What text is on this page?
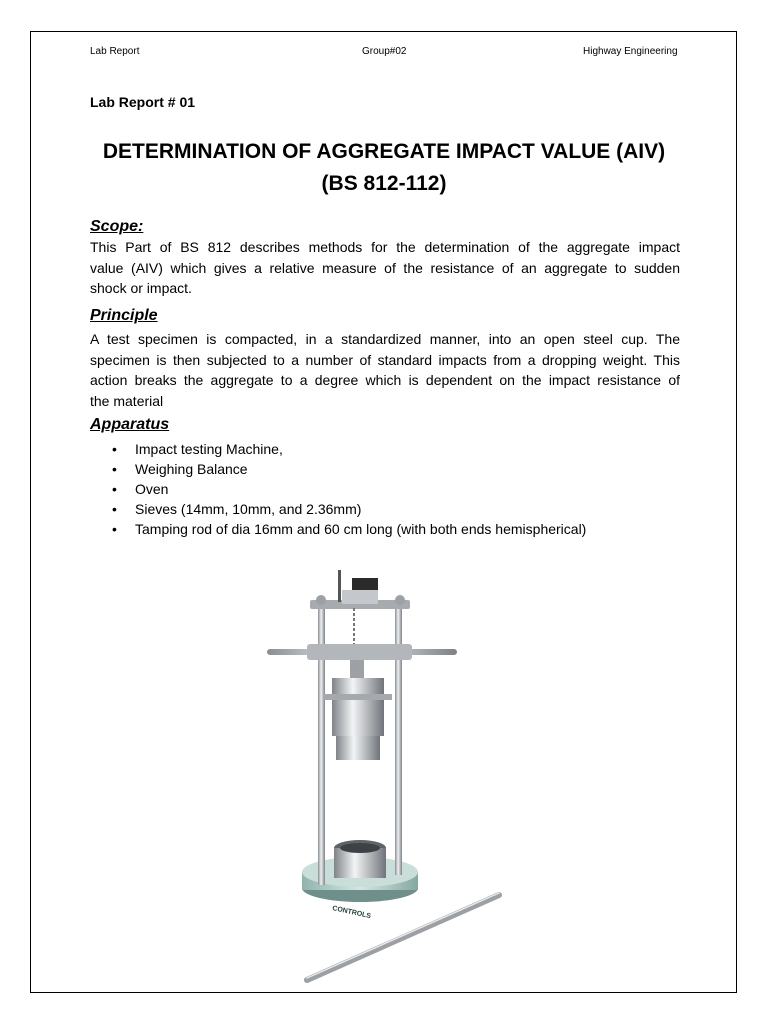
Lab Report	Group#02	Highway Engineering
Lab Report # 01
DETERMINATION OF AGGREGATE IMPACT VALUE (AIV)
(BS 812-112)
Scope:
This Part of BS 812 describes methods for the determination of the aggregate impact
value (AIV) which gives a relative measure of the resistance of an aggregate to sudden
shock or impact.
Principle
A test specimen is compacted, in a standardized manner, into an open steel cup. The
specimen is then subjected to a number of standard impacts from a dropping weight. This
action breaks the aggregate to a degree which is dependent on the impact resistance of
the material
Apparatus
• Impact testing Machine,
• Weighing Balance
• Oven
• Sieves (14mm, 10mm, and 2.36mm)
• Tamping rod of dia 16mm and 60 cm long (with both ends hemispherical)
CONTROLS
